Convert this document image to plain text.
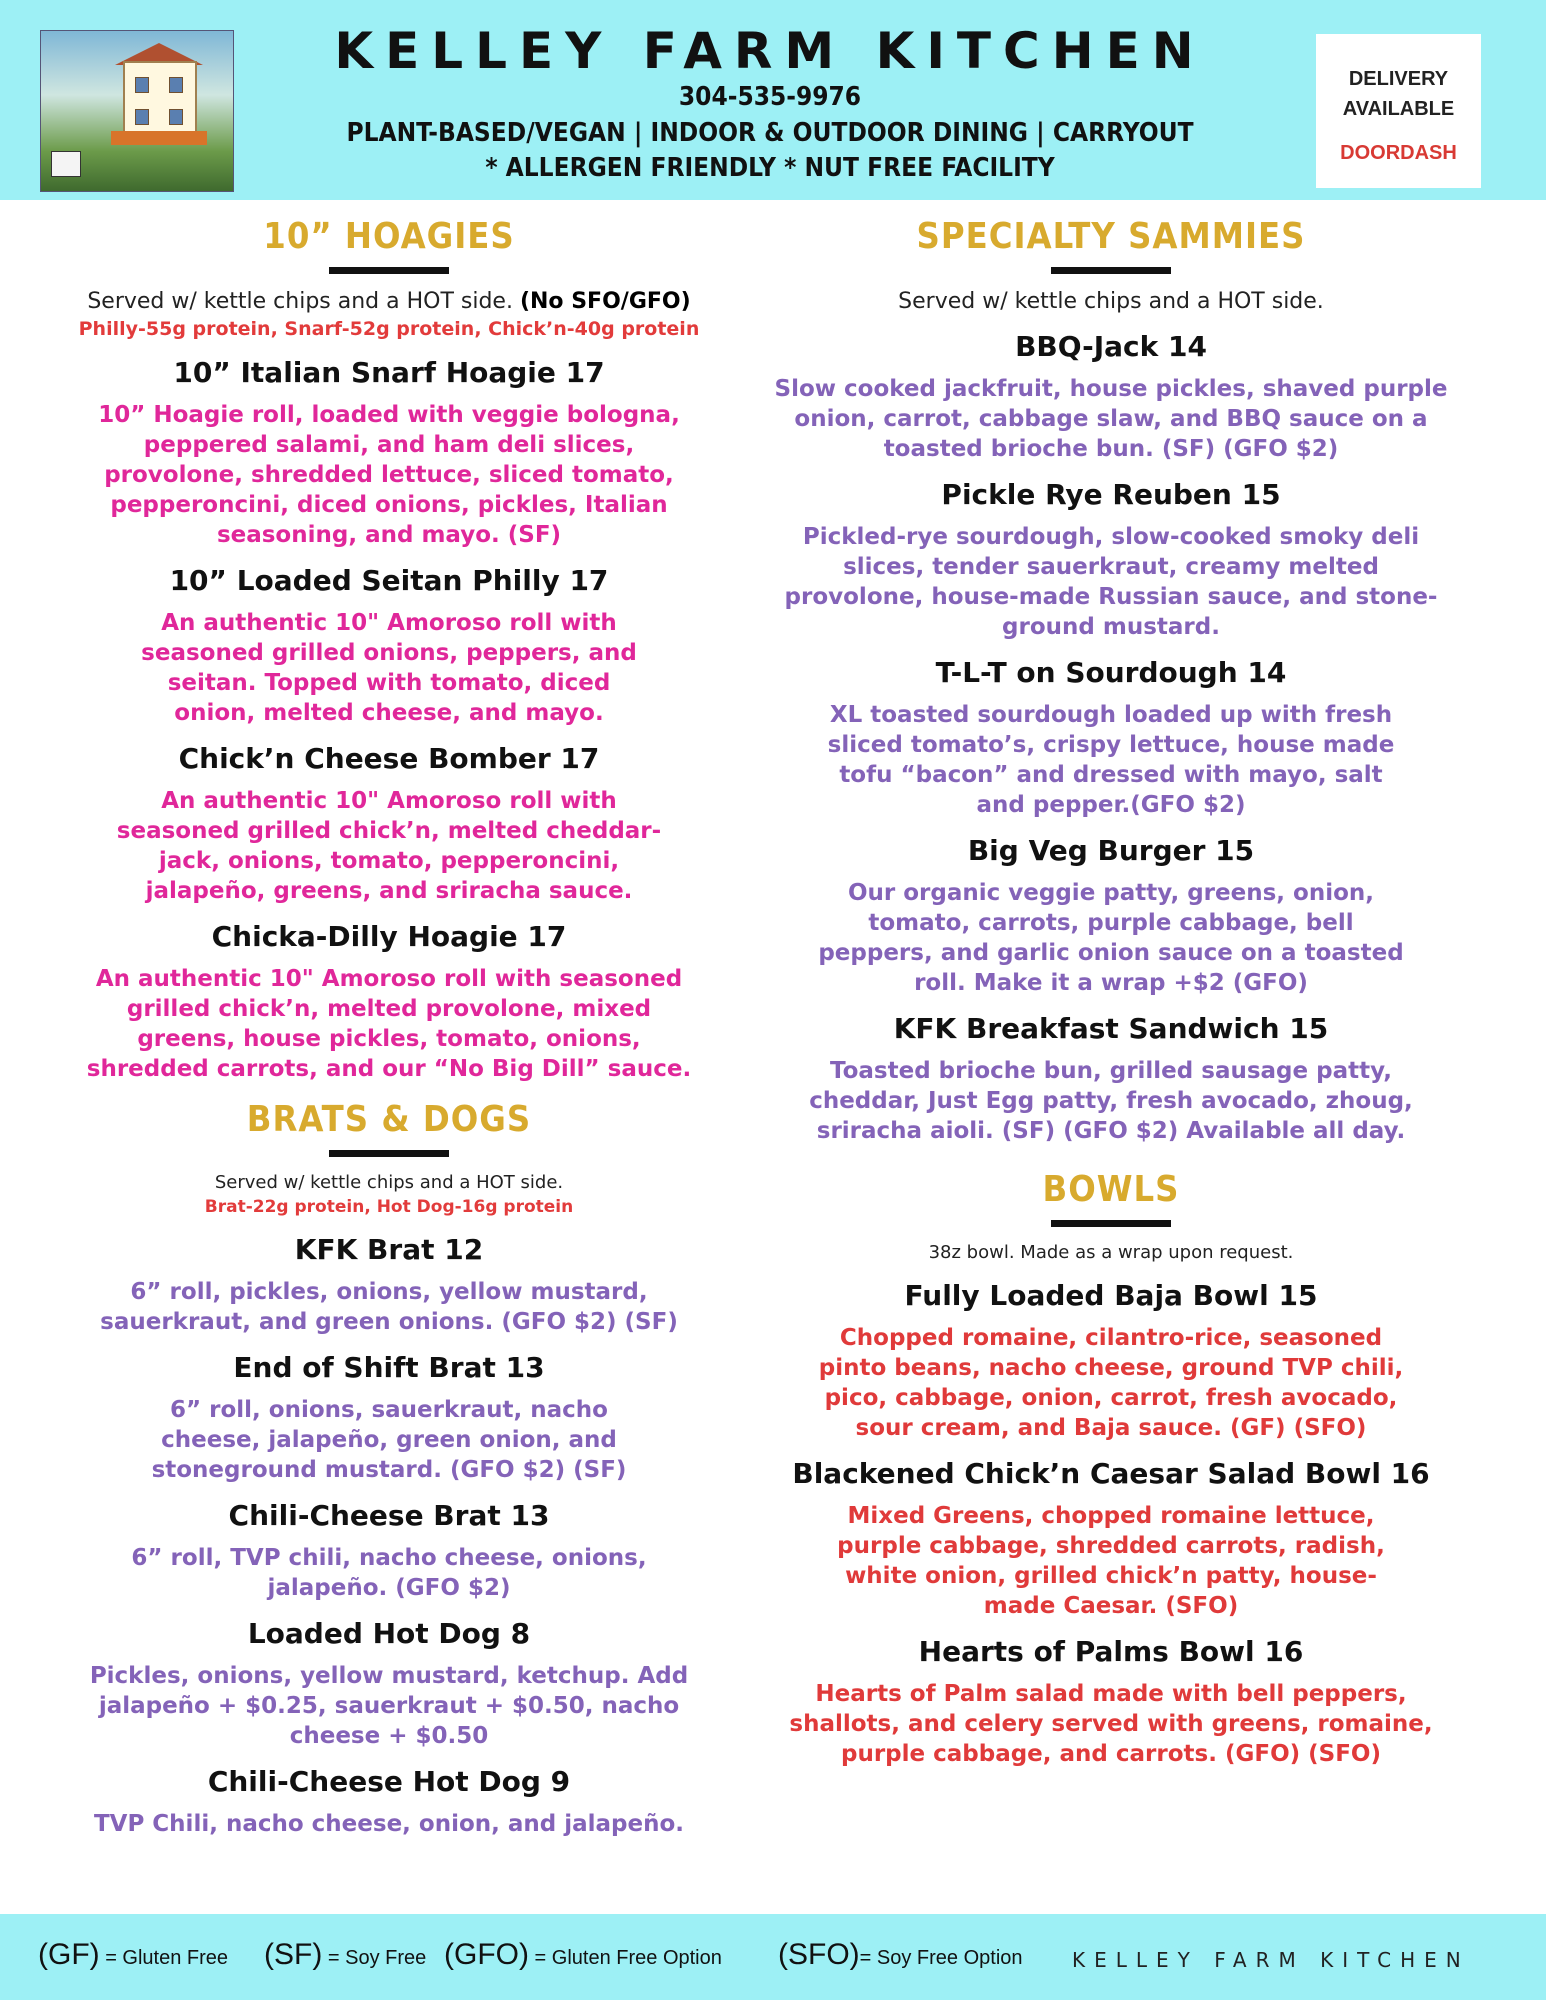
KELLEY FARM KITCHEN
304-535-9976
PLANT-BASED/VEGAN | INDOOR & OUTDOOR DINING | CARRYOUT
* ALLERGEN FRIENDLY * NUT FREE FACILITY
DELIVERY
AVAILABLE
DOORDASH
10” HOAGIES

Served w/ kettle chips and a HOT side. (No SFO/GFO)

Philly-55g protein, Snarf-52g protein, Chick’n-40g protein

10” Italian Snarf Hoagie 17

10” Hoagie roll, loaded with veggie bologna, peppered salami, and ham deli slices, provolone, shredded lettuce, sliced tomato, pepperoncini, diced onions, pickles, Italian seasoning, and mayo. (SF)

10” Loaded Seitan Philly 17

An authentic 10" Amoroso roll with seasoned grilled onions, peppers, and seitan. Topped with tomato, diced onion, melted cheese, and mayo.

Chick’n Cheese Bomber 17

An authentic 10" Amoroso roll with seasoned grilled chick’n, melted cheddar-jack, onions, tomato, pepperoncini, jalapeño, greens, and sriracha sauce.

Chicka-Dilly Hoagie 17

An authentic 10" Amoroso roll with seasoned grilled chick’n, melted provolone, mixed greens, house pickles, tomato, onions, shredded carrots, and our “No Big Dill” sauce.

BRATS & DOGS

Served w/ kettle chips and a HOT side.

Brat-22g protein, Hot Dog-16g protein

KFK Brat 12

6” roll, pickles, onions, yellow mustard, sauerkraut, and green onions. (GFO $2) (SF)

End of Shift Brat 13

6” roll, onions, sauerkraut, nacho cheese, jalapeño, green onion, and stoneground mustard. (GFO $2) (SF)

Chili-Cheese Brat 13

6” roll, TVP chili, nacho cheese, onions, jalapeño. (GFO $2)

Loaded Hot Dog 8

Pickles, onions, yellow mustard, ketchup. Add jalapeño + $0.25, sauerkraut + $0.50, nacho cheese + $0.50

Chili-Cheese Hot Dog 9

TVP Chili, nacho cheese, onion, and jalapeño.

SPECIALTY SAMMIES

Served w/ kettle chips and a HOT side.

BBQ-Jack 14

Slow cooked jackfruit, house pickles, shaved purple onion, carrot, cabbage slaw, and BBQ sauce on a toasted brioche bun. (SF) (GFO $2)

Pickle Rye Reuben 15

Pickled-rye sourdough, slow-cooked smoky deli slices, tender sauerkraut, creamy melted provolone, house-made Russian sauce, and stone-ground mustard.

T-L-T on Sourdough 14

XL toasted sourdough loaded up with fresh sliced tomato’s, crispy lettuce, house made tofu “bacon” and dressed with mayo, salt and pepper.(GFO $2)

Big Veg Burger 15

Our organic veggie patty, greens, onion, tomato, carrots, purple cabbage, bell peppers, and garlic onion sauce on a toasted roll. Make it a wrap +$2 (GFO)

KFK Breakfast Sandwich 15

Toasted brioche bun, grilled sausage patty, cheddar, Just Egg patty, fresh avocado, zhoug, sriracha aioli. (SF) (GFO $2) Available all day.

BOWLS

38z bowl. Made as a wrap upon request.

Fully Loaded Baja Bowl 15

Chopped romaine, cilantro-rice, seasoned pinto beans, nacho cheese, ground TVP chili, pico, cabbage, onion, carrot, fresh avocado, sour cream, and Baja sauce. (GF) (SFO)

Blackened Chick’n Caesar Salad Bowl 16

Mixed Greens, chopped romaine lettuce, purple cabbage, shredded carrots, radish, white onion, grilled chick’n patty, house-made Caesar. (SFO)

Hearts of Palms Bowl 16

Hearts of Palm salad made with bell peppers, shallots, and celery served with greens, romaine, purple cabbage, and carrots. (GFO) (SFO)

(GF) = Gluten Free (SF) = Soy Free (GFO) = Gluten Free Option (SFO)= Soy Free Option KELLEY FARM KITCHEN
